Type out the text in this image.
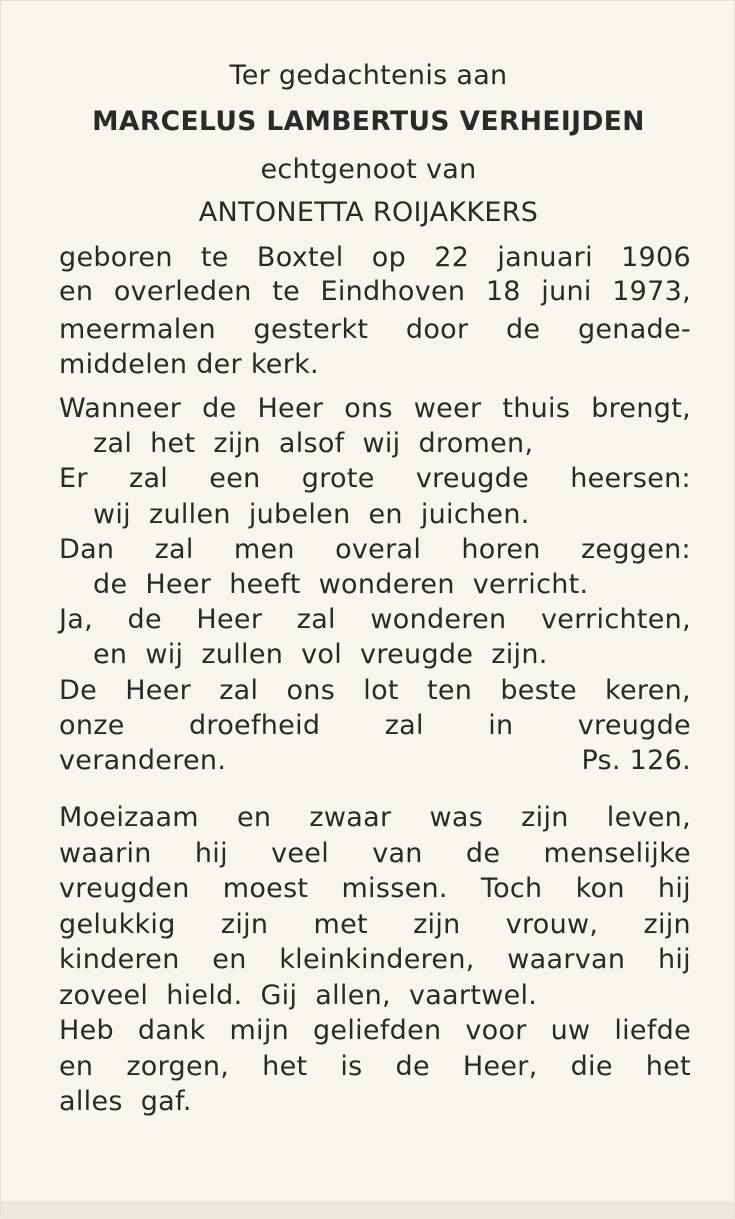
Ter gedachtenis aan
MARCELUS LAMBERTUS VERHEIJDEN
echtgenoot van
ANTONETTA ROIJAKKERS
geboren te Boxtel op 22 januari 1906
en overleden te Eindhoven 18 juni 1973,
meermalen gesterkt door de genade-
middelen der kerk.
Wanneer de Heer ons weer thuis brengt,
zal het zijn alsof wij dromen,
Er zal een grote vreugde heersen:
wij zullen jubelen en juichen.
Dan zal men overal horen zeggen:
de Heer heeft wonderen verricht.
Ja, de Heer zal wonderen verrichten,
en wij zullen vol vreugde zijn.
De Heer zal ons lot ten beste keren,
onze droefheid zal in vreugde
veranderen.	Ps. 126.
Moeizaam en zwaar was zijn leven,
waarin hij veel van de menselijke
vreugden moest missen. Toch kon hij
gelukkig zijn met zijn vrouw, zijn
kinderen en kleinkinderen, waarvan hij
zoveel hield. Gij allen, vaartwel.
Heb dank mijn geliefden voor uw liefde
en zorgen, het is de Heer, die het
alles gaf.
